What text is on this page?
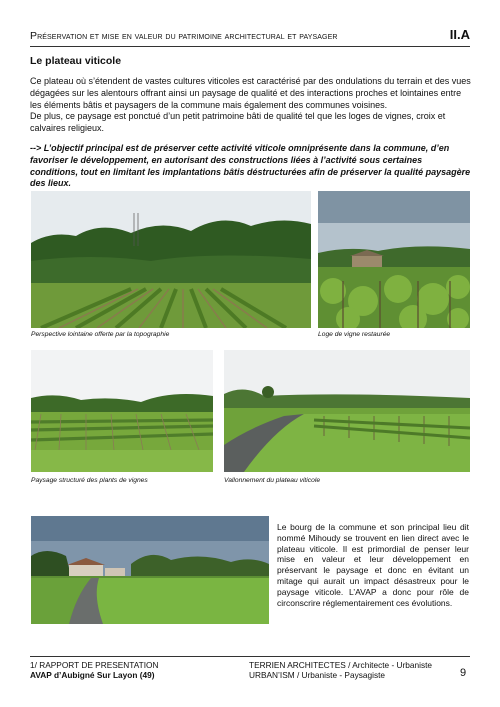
Préservation et mise en valeur du patrimoine architectural et paysager	II.A
Le plateau viticole
Ce plateau où s’étendent de vastes cultures viticoles est caractérisé par des ondulations du terrain et des vues dégagées sur les alentours offrant ainsi un paysage de qualité et des interactions proches et lointaines entre les éléments bâtis et paysagers de la commune mais également des communes voisines.
De plus, ce paysage est ponctué d’un petit patrimoine bâti de qualité tel que les loges de vignes, croix et calvaires religieux.
--> L’objectif principal est de préserver cette activité viticole omniprésente dans la commune, d’en favoriser le développement, en autorisant des constructions liées à l’activité sous certaines conditions, tout en limitant les implantations bâtis déstructurées afin de préserver la qualité paysagère des lieux.
Perspective lointaine offerte par la topographie	Loge de vigne restaurée
Paysage structuré des plants de vignes	Vallonnement du plateau viticole
Le bourg de la commune et son principal lieu dit nommé Mihoudy se trouvent en lien direct avec le plateau viticole. Il est primordial de penser leur mise en valeur et leur développement en préservant le paysage et donc en évitant un mitage qui aurait un impact désastreux pour le paysage viticole. L’AVAP a donc pour rôle de circonscrire réglementairement ces évolutions.
1/ RAPPORT DE PRESENTATION
AVAP d’Aubigné Sur Layon (49)
TERRIEN ARCHITECTES / Architecte - Urbaniste
URBAN’ISM / Urbaniste - Paysagiste	9
